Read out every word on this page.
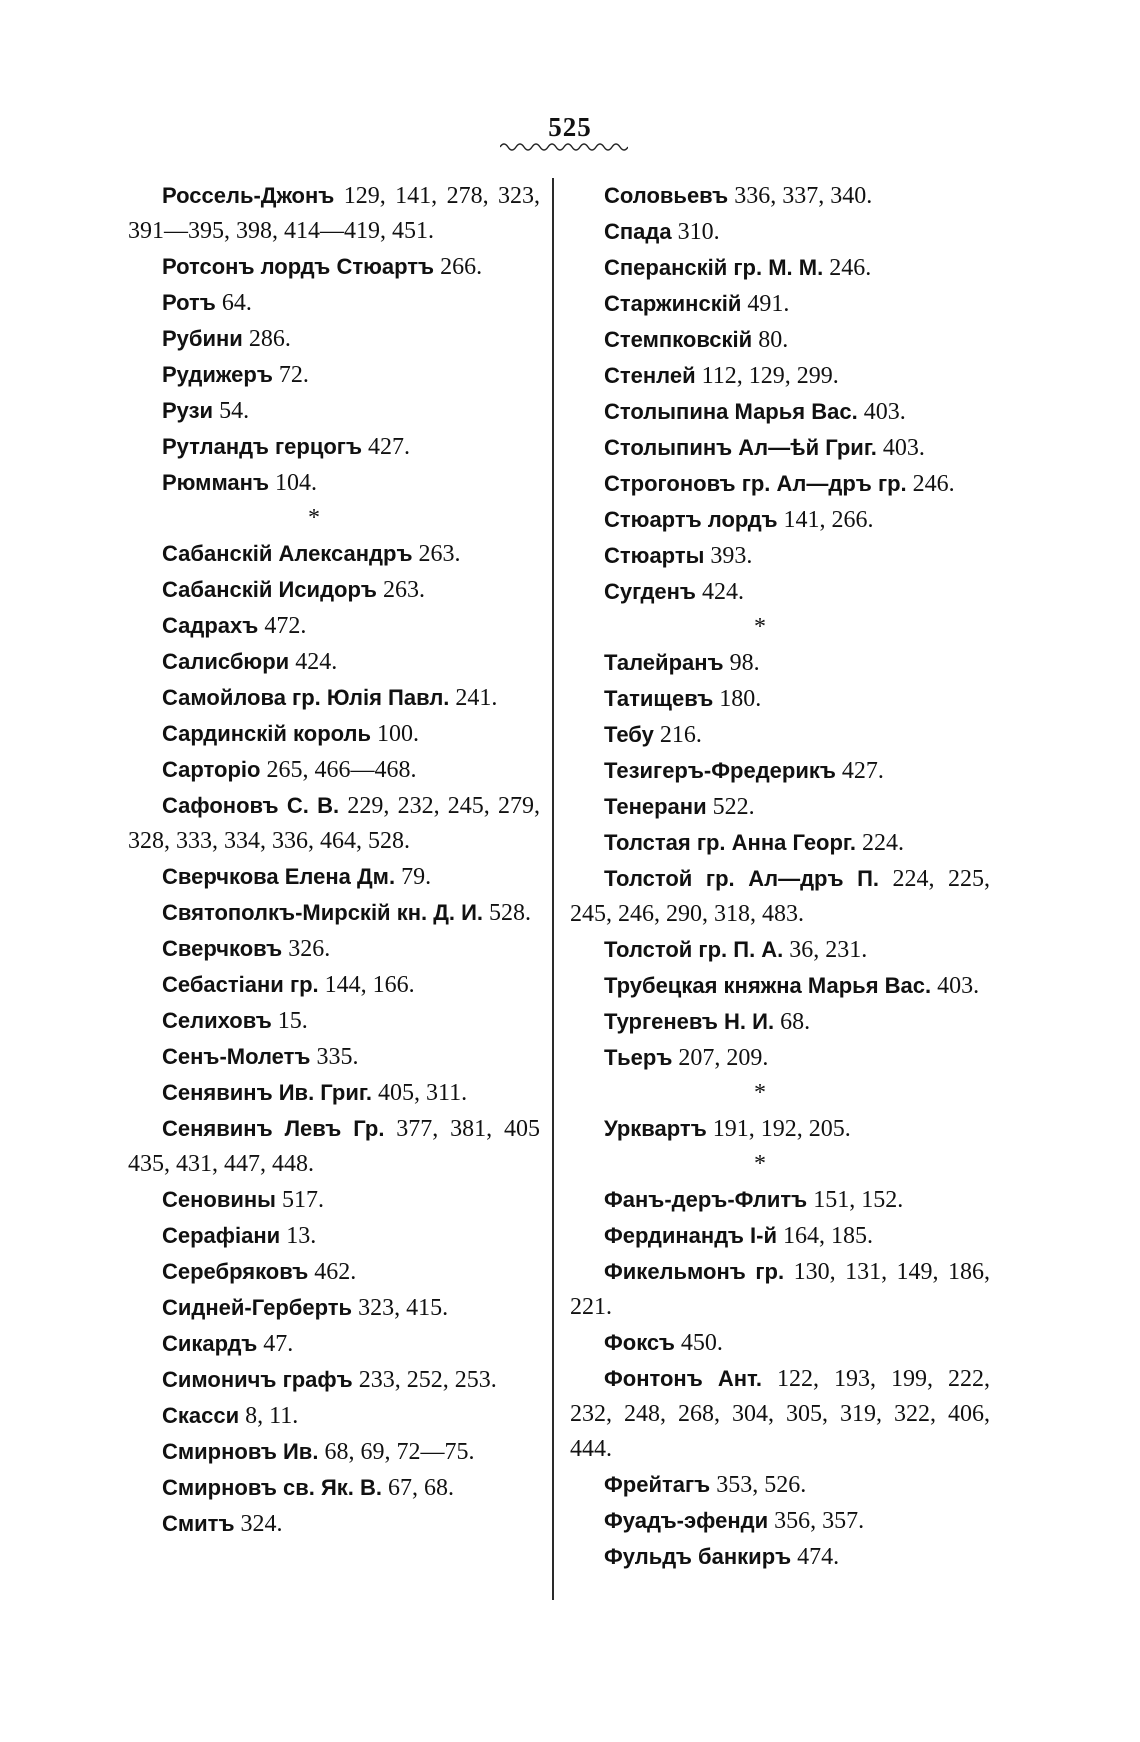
525
Россель-Джонъ 129, 141, 278, 323, 391—395, 398, 414—419, 451.
Ротсонъ лордъ Стюартъ 266.
Ротъ 64.
Рубини 286.
Рудижеръ 72.
Рузи 54.
Рутландъ герцогъ 427.
Рюмманъ 104.
*
Сабанскій Александръ 263.
Сабанскій Исидоръ 263.
Садрахъ 472.
Салисбюри 424.
Самойлова гр. Юлія Павл. 241.
Сардинскій король 100.
Сарторіо 265, 466—468.
Сафоновъ С. В. 229, 232, 245, 279, 328, 333, 334, 336, 464, 528.
Сверчкова Елена Дм. 79.
Святополкъ-Мирскій кн. Д. И. 528.
Сверчковъ 326.
Себастіани гр. 144, 166.
Селиховъ 15.
Сенъ-Молетъ 335.
Сенявинъ Ив. Григ. 405, 311.
Сенявинъ Левъ Гр. 377, 381, 405 435, 431, 447, 448.
Сеновины 517.
Серафіани 13.
Серебряковъ 462.
Сидней-Герберть 323, 415.
Сикардъ 47.
Симоничъ графъ 233, 252, 253.
Скасси 8, 11.
Смирновъ Ив. 68, 69, 72—75.
Смирновъ св. Як. В. 67, 68.
Смитъ 324.
Соловьевъ 336, 337, 340.
Спада 310.
Сперанскій гр. М. М. 246.
Старжинскій 491.
Стемпковскій 80.
Стенлей 112, 129, 299.
Столыпина Марья Вас. 403.
Столыпинъ Ал—ѣй Григ. 403.
Строгоновъ гр. Ал—дръ гр. 246.
Стюартъ лордъ 141, 266.
Стюарты 393.
Сугденъ 424.
*
Талейранъ 98.
Татищевъ 180.
Тебу 216.
Тезигеръ-Фредерикъ 427.
Тенерани 522.
Толстая гр. Анна Георг. 224.
Толстой гр. Ал—дръ П. 224, 225, 245, 246, 290, 318, 483.
Толстой гр. П. А. 36, 231.
Трубецкая княжна Марья Вас. 403.
Тургеневъ Н. И. 68.
Тьеръ 207, 209.
*
Урквартъ 191, 192, 205.
*
Фанъ-деръ-Флитъ 151, 152.
Фердинандъ I-й 164, 185.
Фикельмонъ гр. 130, 131, 149, 186, 221.
Фоксъ 450.
Фонтонъ Ант. 122, 193, 199, 222, 232, 248, 268, 304, 305, 319, 322, 406, 444.
Фрейтагъ 353, 526.
Фуадъ-эфенди 356, 357.
Фульдъ банкиръ 474.
